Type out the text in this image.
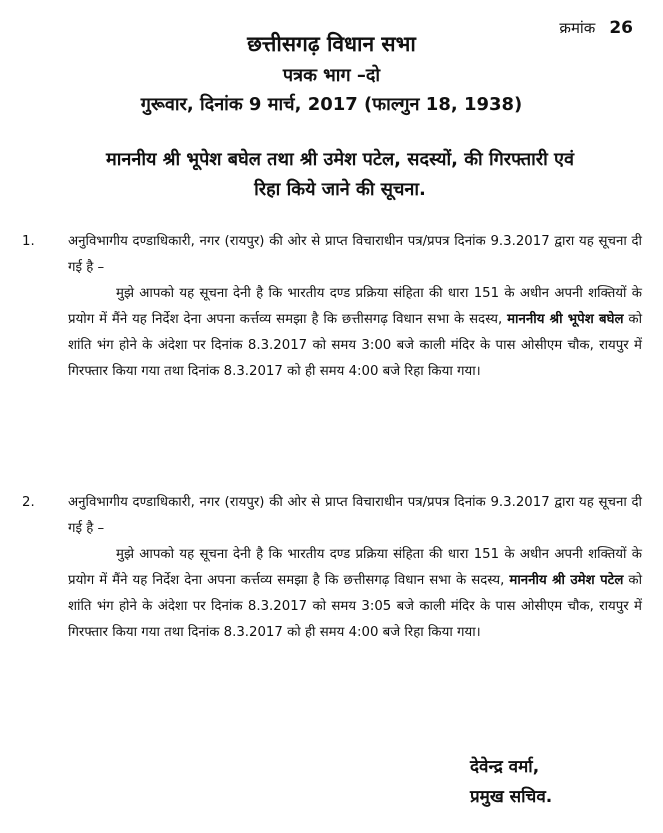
क्रमांक 26
छत्तीसगढ़ विधान सभा
पत्रक भाग –दो
गुरूवार, दिनांक 9 मार्च, 2017 (फाल्गुन 18, 1938)
माननीय श्री भूपेश बघेल तथा श्री उमेश पटेल, सदस्यों, की गिरफ्तारी एवं
रिहा किये जाने की सूचना.
1.	अनुविभागीय दण्डाधिकारी, नगर (रायपुर) की ओर से प्राप्त विचाराधीन पत्र/प्रपत्र दिनांक 9.3.2017 द्वारा यह सूचना दी गई है –

मुझे आपको यह सूचना देनी है कि भारतीय दण्ड प्रक्रिया संहिता की धारा 151 के अधीन अपनी शक्तियों के प्रयोग में मैंने यह निर्देश देना अपना कर्त्तव्य समझा है कि छत्तीसगढ़ विधान सभा के सदस्य, माननीय श्री भूपेश बघेल को शांति भंग होने के अंदेशा पर दिनांक 8.3.2017 को समय 3:00 बजे काली मंदिर के पास ओसीएम चौक, रायपुर में गिरफ्तार किया गया तथा दिनांक 8.3.2017 को ही समय 4:00 बजे रिहा किया गया।

2.	अनुविभागीय दण्डाधिकारी, नगर (रायपुर) की ओर से प्राप्त विचाराधीन पत्र/प्रपत्र दिनांक 9.3.2017 द्वारा यह सूचना दी गई है –

मुझे आपको यह सूचना देनी है कि भारतीय दण्ड प्रक्रिया संहिता की धारा 151 के अधीन अपनी शक्तियों के प्रयोग में मैंने यह निर्देश देना अपना कर्त्तव्य समझा है कि छत्तीसगढ़ विधान सभा के सदस्य, माननीय श्री उमेश पटेल को शांति भंग होने के अंदेशा पर दिनांक 8.3.2017 को समय 3:05 बजे काली मंदिर के पास ओसीएम चौक, रायपुर में गिरफ्तार किया गया तथा दिनांक 8.3.2017 को ही समय 4:00 बजे रिहा किया गया।

देवेन्द्र वर्मा,
प्रमुख सचिव.
